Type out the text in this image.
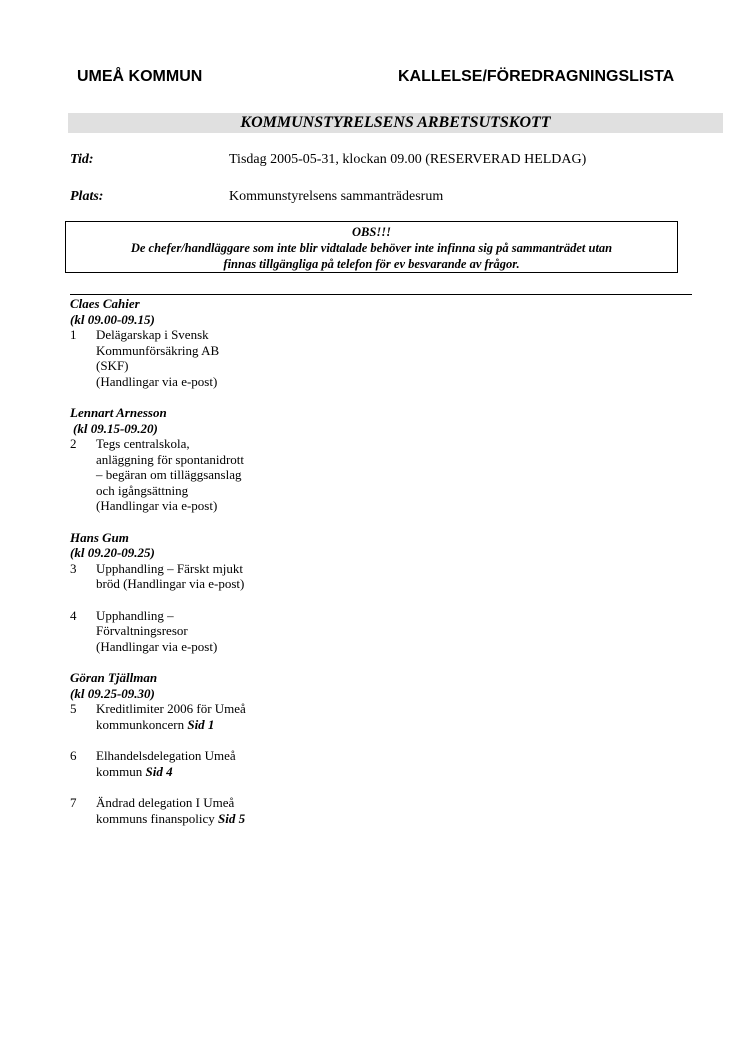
UMEÅ KOMMUN	KALLELSE/FÖREDRAGNINGSLISTA
KOMMUNSTYRELSENS ARBETSUTSKOTT
Tid:	Tisdag 2005-05-31, klockan 09.00 (RESERVERAD HELDAG)
Plats:	Kommunstyrelsens sammanträdesrum
OBS!!!
De chefer/handläggare som inte blir vidtalade behöver inte infinna sig på sammanträdet utan
finnas tillgängliga på telefon för ev besvarande av frågor.
Claes Cahier
(kl 09.00-09.15)
1	Delägarskap i Svensk
Kommunförsäkring AB
(SKF)
(Handlingar via e-post)
Lennart Arnesson
(kl 09.15-09.20)
2	Tegs centralskola,
anläggning för spontanidrott
– begäran om tilläggsanslag
och igångsättning
(Handlingar via e-post)
Hans Gum
(kl 09.20-09.25)
3	Upphandling – Färskt mjukt
bröd (Handlingar via e-post)
4	Upphandling –
Förvaltningsresor
(Handlingar via e-post)
Göran Tjällman
(kl 09.25-09.30)
5	Kreditlimiter 2006 för Umeå
kommunkoncern Sid 1
6	Elhandelsdelegation Umeå
kommun Sid 4
7	Ändrad delegation I Umeå
kommuns finanspolicy Sid 5
